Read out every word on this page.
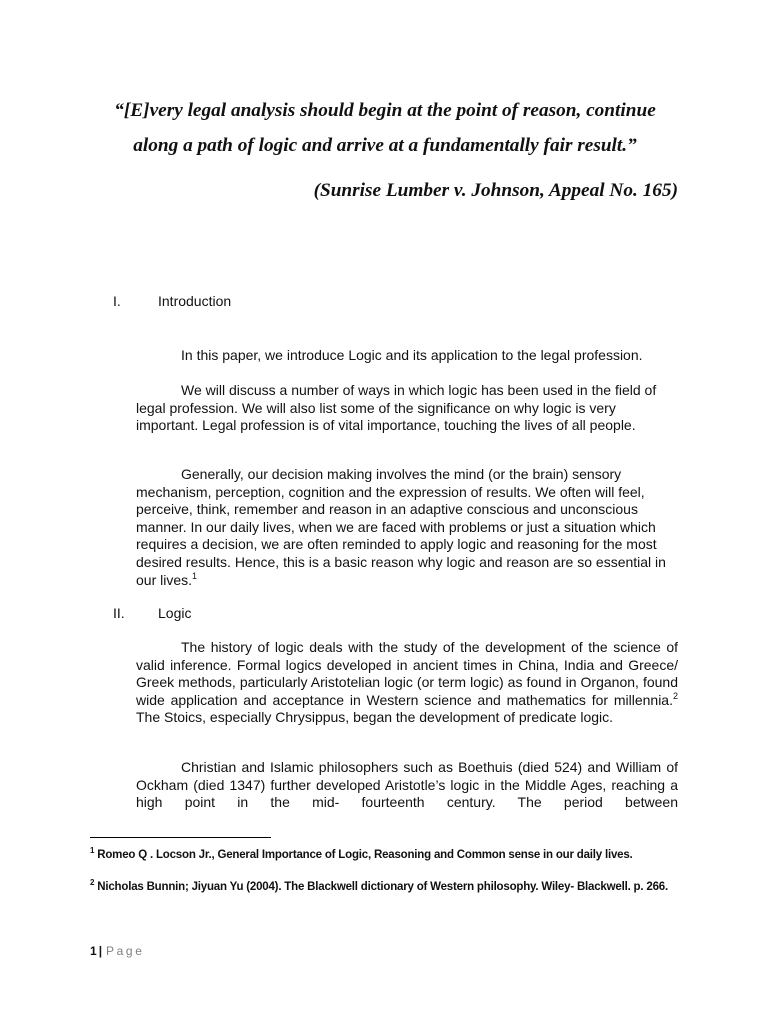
“[E]very legal analysis should begin at the point of reason, continue along a path of logic and arrive at a fundamentally fair result.”

(Sunrise Lumber v. Johnson, Appeal No. 165)

I.	Introduction

In this paper, we introduce Logic and its application to the legal profession.

We will discuss a number of ways in which logic has been used in the field of legal profession. We will also list some of the significance on why logic is very important. Legal profession is of vital importance, touching the lives of all people.

Generally, our decision making involves the mind (or the brain) sensory mechanism, perception, cognition and the expression of results. We often will feel, perceive, think, remember and reason in an adaptive conscious and unconscious manner. In our daily lives, when we are faced with problems or just a situation which requires a decision, we are often reminded to apply logic and reasoning for the most desired results. Hence, this is a basic reason why logic and reason are so essential in our lives.$^1$

II. Logic

The history of logic deals with the study of the development of the science of valid inference. Formal logics developed in ancient times in China, India and Greece/ Greek methods, particularly Aristotelian logic (or term logic) as found in Organon, found wide application and acceptance in Western science and mathematics for millennia.$^2$ The Stoics, especially Chrysippus, began the development of predicate logic.

Christian and Islamic philosophers such as Boethuis (died 524) and William of Ockham (died 1347) further developed Aristotle’s logic in the Middle Ages, reaching a high point in the mid- fourteenth century. The period between

$^1$ Romeo Q . Locson Jr., General Importance of Logic, Reasoning and Common sense in our daily lives.

$^2$ Nicholas Bunnin; Jiyuan Yu (2004). The Blackwell dictionary of Western philosophy. Wiley- Blackwell. p. 266.

1 | Page
